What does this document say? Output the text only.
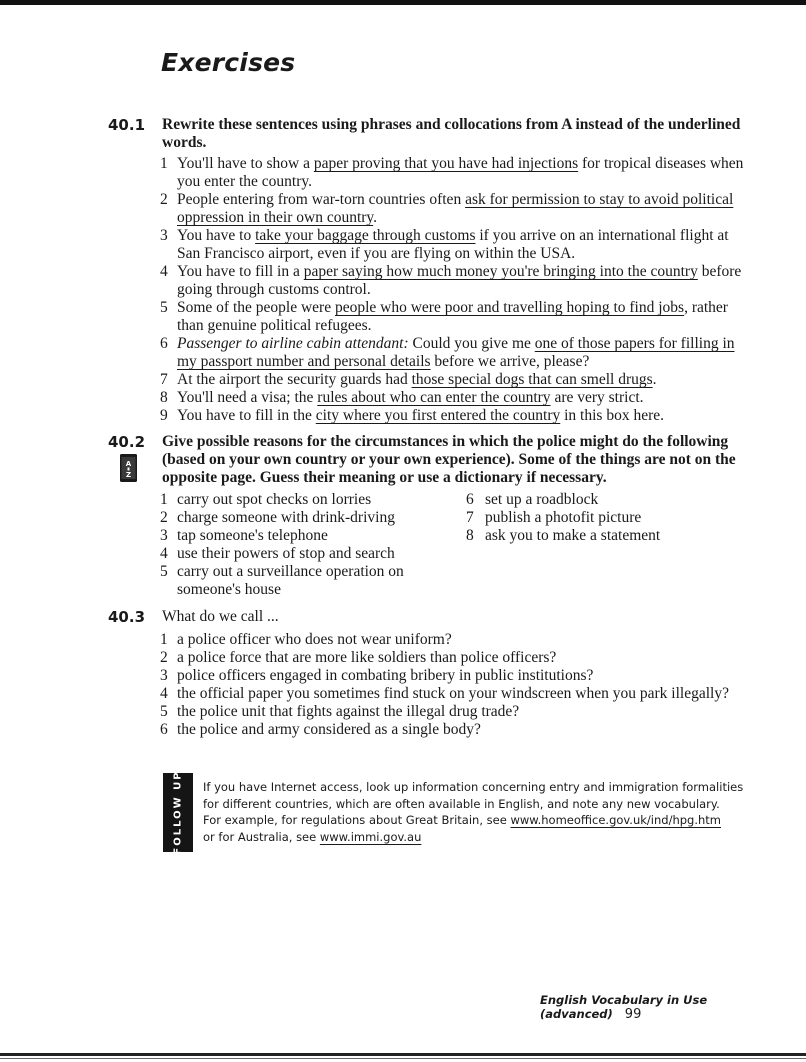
Exercises
40.1 Rewrite these sentences using phrases and collocations from A instead of the underlined words.

1 You'll have to show a paper proving that you have had injections for tropical diseases when you enter the country.
2 People entering from war-torn countries often ask for permission to stay to avoid political oppression in their own country.
3 You have to take your baggage through customs if you arrive on an international flight at San Francisco airport, even if you are flying on within the USA.
4 You have to fill in a paper saying how much money you're bringing into the country before going through customs control.
5 Some of the people were people who were poor and travelling hoping to find jobs, rather than genuine political refugees.
6 Passenger to airline cabin attendant: Could you give me one of those papers for filling in my passport number and personal details before we arrive, please?
7 At the airport the security guards had those special dogs that can smell drugs.
8 You'll need a visa; the rules about who can enter the country are very strict.
9 You have to fill in the city where you first entered the country in this box here.
40.2
A
Z

Give possible reasons for the circumstances in which the police might do the following (based on your own country or your own experience). Some of the things are not on the opposite page. Guess their meaning or use a dictionary if necessary.

1 carry out spot checks on lorries
2 charge someone with drink-driving
3 tap someone's telephone
4 use their powers of stop and search
5 carry out a surveillance operation on someone's house
6 set up a roadblock
7 publish a photofit picture
8 ask you to make a statement
40.3 What do we call ...

1 a police officer who does not wear uniform?
2 a police force that are more like soldiers than police officers?
3 police officers engaged in combating bribery in public institutions?
4 the official paper you sometimes find stuck on your windscreen when you park illegally?
5 the police unit that fights against the illegal drug trade?
6 the police and army considered as a single body?
FOLLOW UP If you have Internet access, look up information concerning entry and immigration formalities for different countries, which are often available in English, and note any new vocabulary.

For example, for regulations about Great Britain, see www.homeoffice.gov.uk/ind/hpg.htm

or for Australia, see www.immi.gov.au

English Vocabulary in Use (advanced) 99
